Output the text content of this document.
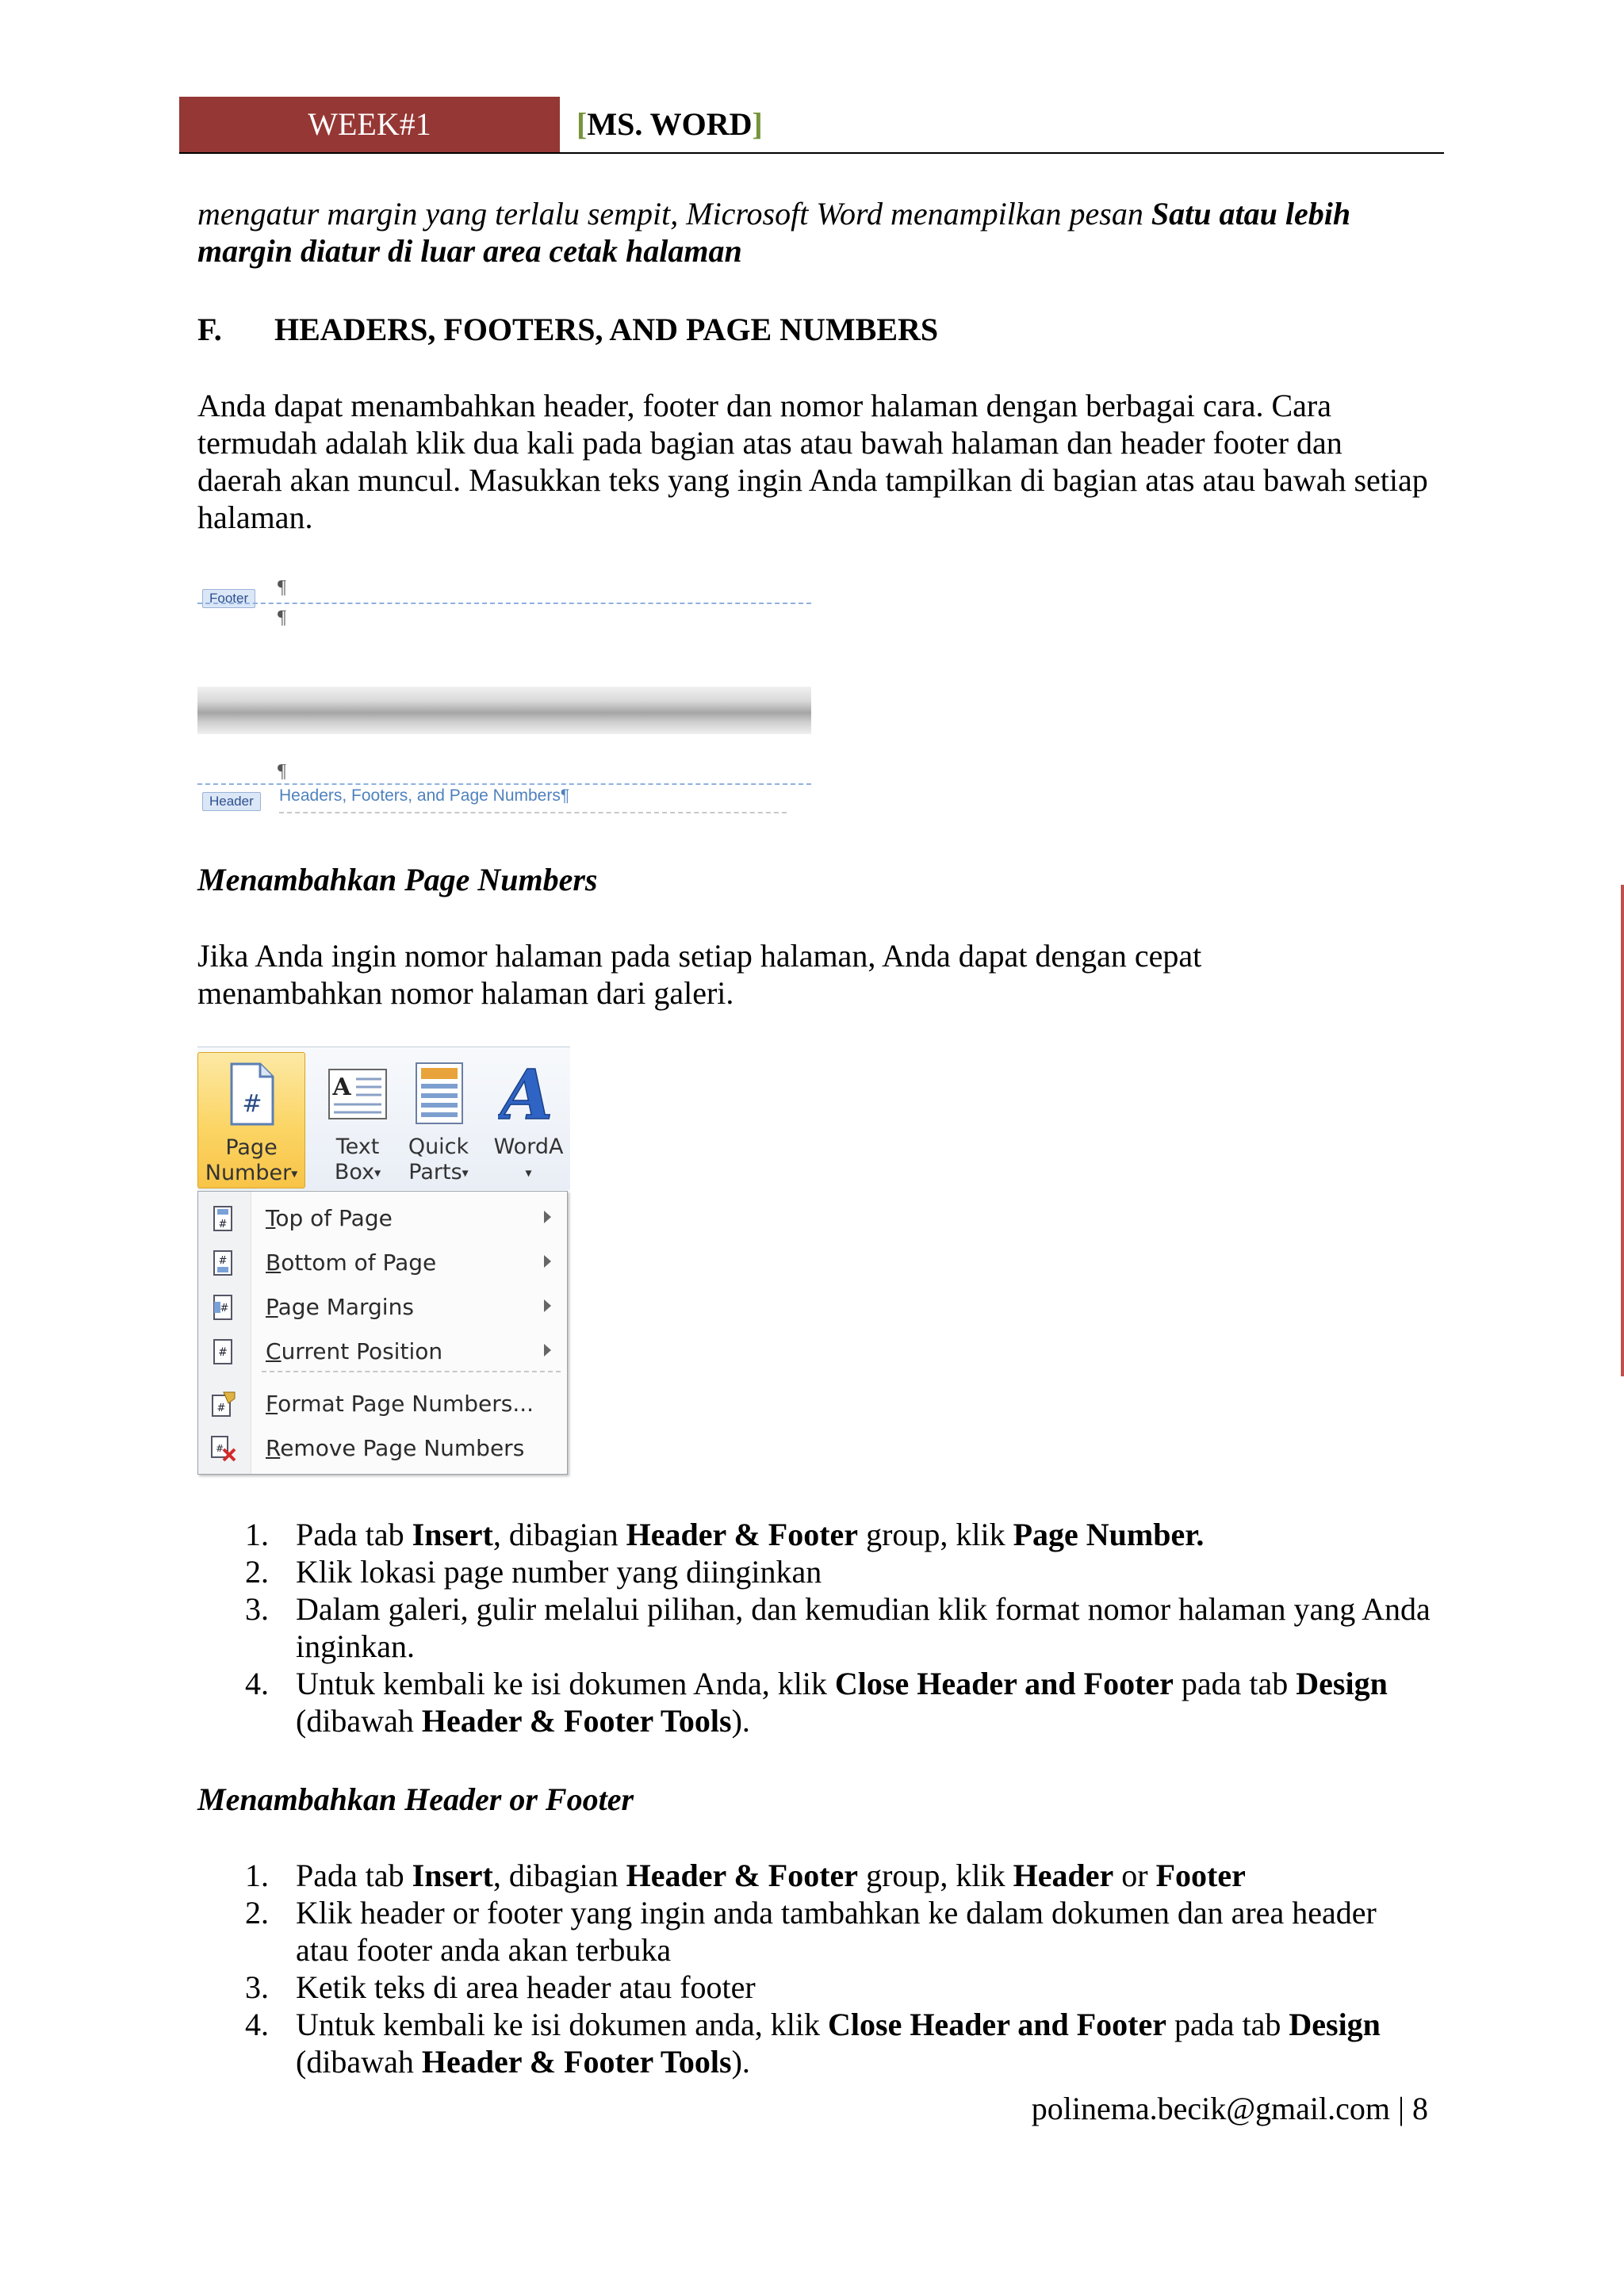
WEEK#1	[MS. WORD]
mengatur margin yang terlalu sempit, Microsoft Word menampilkan pesan Satu atau lebih margin diatur di luar area cetak halaman
F. HEADERS, FOOTERS, AND PAGE NUMBERS
Anda dapat menambahkan header, footer dan nomor halaman dengan berbagai cara. Cara termudah adalah klik dua kali pada bagian atas atau bawah halaman dan header footer dan daerah akan muncul. Masukkan teks yang ingin Anda tampilkan di bagian atas atau bawah setiap halaman.
Footer
¶
¶
¶
Header	Headers, Footers, and Page Numbers¶
Menambahkan Page Numbers
Jika Anda ingin nomor halaman pada setiap halaman, Anda dapat dengan cepat menambahkan nomor halaman dari galeri.
#
Page
Number▾
A
Text
Box▾
Quick
Parts▾
A
WordA
▾
# Top of Page
# Bottom of Page
# Page Margins
# Current Position
# Format Page Numbers...
# Remove Page Numbers
1. Pada tab Insert, dibagian Header & Footer group, klik Page Number.
2. Klik lokasi page number yang diinginkan
3. Dalam galeri, gulir melalui pilihan, dan kemudian klik format nomor halaman yang Anda inginkan.
4. Untuk kembali ke isi dokumen Anda, klik Close Header and Footer pada tab Design (dibawah Header & Footer Tools).
Menambahkan Header or Footer
1. Pada tab Insert, dibagian Header & Footer group, klik Header or Footer
2. Klik header or footer yang ingin anda tambahkan ke dalam dokumen dan area header atau footer anda akan terbuka
3. Ketik teks di area header atau footer
4. Untuk kembali ke isi dokumen anda, klik Close Header and Footer pada tab Design (dibawah Header & Footer Tools).
polinema.becik@gmail.com | 8
